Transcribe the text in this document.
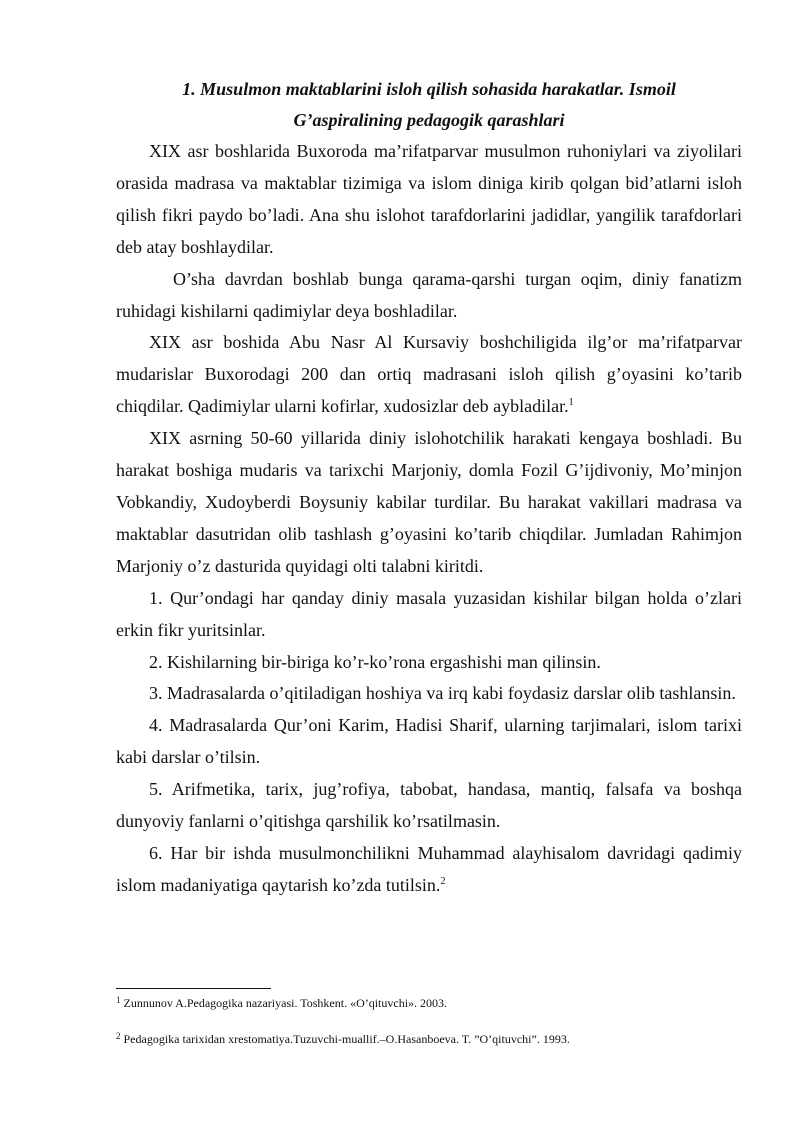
1. Musulmon maktablarini isloh qilish sohasida harakatlar. Ismoil
G’aspiralining pedagogik qarashlari

XIX asr boshlarida Buxoroda ma’rifatparvar musulmon ruhoniylari va ziyolilari orasida madrasa va maktablar tizimiga va islom diniga kirib qolgan bid’atlarni isloh qilish fikri paydo bo’ladi. Ana shu islohot tarafdorlarini jadidlar, yangilik tarafdorlari deb atay boshlaydilar.

O’sha davrdan boshlab bunga qarama-qarshi turgan oqim, diniy fanatizm ruhidagi kishilarni qadimiylar deya boshladilar.

XIX asr boshida Abu Nasr Al Kursaviy boshchiligida ilg’or ma’rifatparvar mudarislar Buxorodagi 200 dan ortiq madrasani isloh qilish g’oyasini ko’tarib chiqdilar. Qadimiylar ularni kofirlar, xudosizlar deb aybladilar.$^1$

XIX asrning 50-60 yillarida diniy islohotchilik harakati kengaya boshladi. Bu harakat boshiga mudaris va tarixchi Marjoniy, domla Fozil G’ijdivoniy, Mo’minjon Vobkandiy, Xudoyberdi Boysuniy kabilar turdilar. Bu harakat vakillari madrasa va maktablar dasutridan olib tashlash g’oyasini ko’tarib chiqdilar. Jumladan Rahimjon Marjoniy o’z dasturida quyidagi olti talabni kiritdi.

1. Qur’ondagi har qanday diniy masala yuzasidan kishilar bilgan holda o’zlari erkin fikr yuritsinlar.

2. Kishilarning bir-biriga ko’r-ko’rona ergashishi man qilinsin.

3. Madrasalarda o’qitiladigan hoshiya va irq kabi foydasiz darslar olib tashlansin.

4. Madrasalarda Qur’oni Karim, Hadisi Sharif, ularning tarjimalari, islom tarixi kabi darslar o’tilsin.

5. Arifmetika, tarix, jug’rofiya, tabobat, handasa, mantiq, falsafa va boshqa dunyoviy fanlarni o’qitishga qarshilik ko’rsatilmasin.

6. Har bir ishda musulmonchilikni Muhammad alayhisalom davridagi qadimiy islom madaniyatiga qaytarish ko’zda tutilsin.$^2$

$^1$ Zunnunov A.Pedagogika nazariyasi. Toshkent. «O’qituvchi». 2003.

$^2$ Pedagogika tarixidan xrestomatiya.Tuzuvchi-muallif.–O.Hasanboeva. T. ”O’qituvchi”. 1993.
